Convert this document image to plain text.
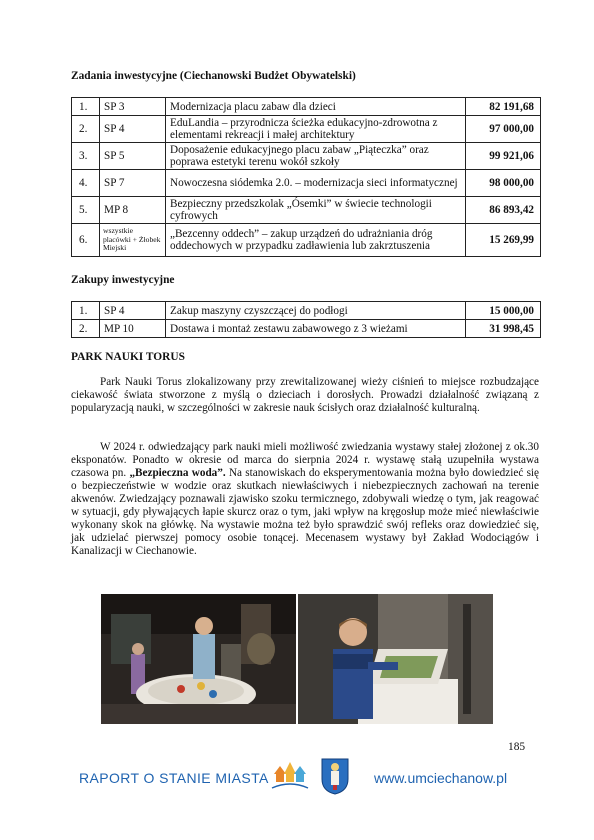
Zadania inwestycyjne (Ciechanowski Budżet Obywatelski)
1.	SP 3	Modernizacja placu zabaw dla dzieci	82 191,68
2.	SP 4	EduLandia – przyrodnicza ścieżka edukacyjno-zdrowotna z elementami rekreacji i małej architektury	97 000,00
3.	SP 5	Doposażenie edukacyjnego placu zabaw „Piąteczka” oraz poprawa estetyki terenu wokół szkoły	99 921,06
4.	SP 7	Nowoczesna siódemka 2.0. – modernizacja sieci informatycznej	98 000,00
5.	MP 8	Bezpieczny przedszkolak „Ósemki” w świecie technologii cyfrowych	86 893,42
6.	wszystkie placówki + Żłobek Miejski	„Bezcenny oddech” – zakup urządzeń do udrażniania dróg oddechowych w przypadku zadławienia lub zakrztuszenia	15 269,99
Zakupy inwestycyjne
1.	SP 4	Zakup maszyny czyszczącej do podłogi	15 000,00
2.	MP 10	Dostawa i montaż zestawu zabawowego z 3 wieżami	31 998,45
PARK NAUKI TORUS

Park Nauki Torus zlokalizowany przy zrewitalizowanej wieży ciśnień to miejsce rozbudzające ciekawość świata stworzone z myślą o dzieciach i dorosłych. Prowadzi działalność związaną z popularyzacją nauki, w szczególności w zakresie nauk ścisłych oraz działalność kulturalną.

W 2024 r. odwiedzający park nauki mieli możliwość zwiedzania wystawy stałej złożonej z ok.30 eksponatów. Ponadto w okresie od marca do sierpnia 2024 r. wystawę stałą uzupełniła wystawa czasowa pn. „Bezpieczna woda”. Na stanowiskach do eksperymentowania można było dowiedzieć się o bezpieczeństwie w wodzie oraz skutkach niewłaściwych i niebezpiecznych zachowań na terenie akwenów. Zwiedzający poznawali zjawisko szoku termicznego, zdobywali wiedzę o tym, jak reagować w sytuacji, gdy pływających łapie skurcz oraz o tym, jaki wpływ na kręgosłup może mieć niewłaściwie wykonany skok na główkę. Na wystawie można też było sprawdzić swój refleks oraz dowiedzieć się, jak udzielać pierwszej pomocy osobie tonącej. Mecenasem wystawy był Zakład Wodociągów i Kanalizacji w Ciechanowie.

185
RAPORT O STANIE MIASTA	www.umciechanow.pl
